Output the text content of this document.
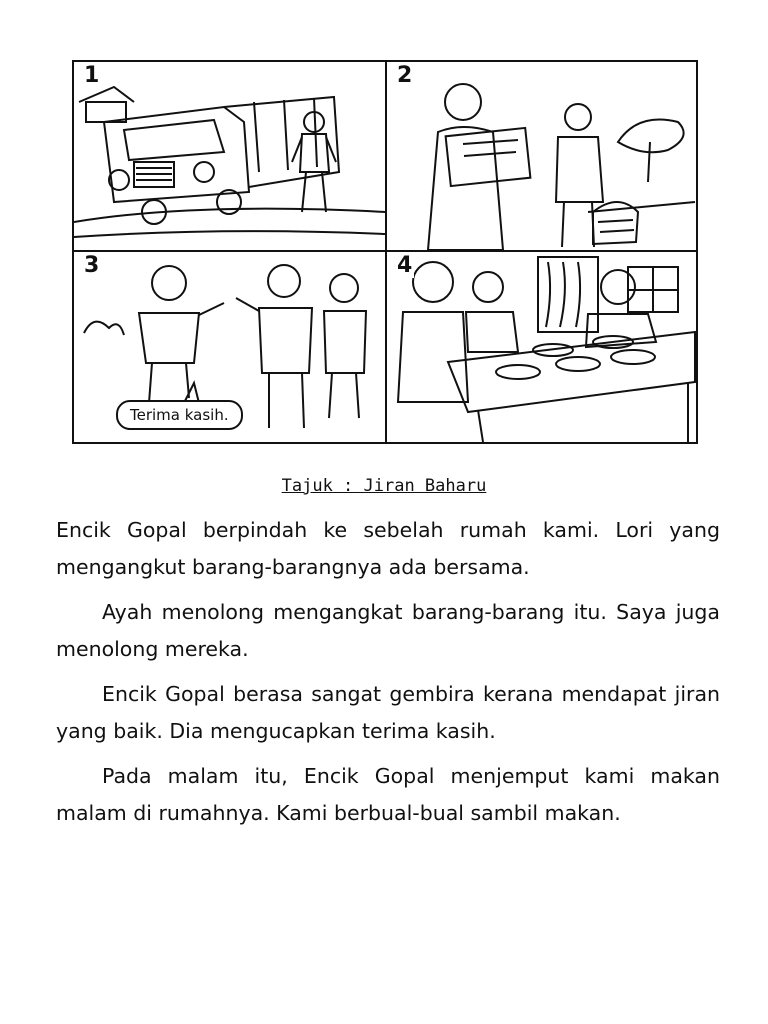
1	2
3
Terima kasih.
4
Tajuk : Jiran Baharu

Encik Gopal berpindah ke sebelah rumah kami. Lori yang mengangkut barang-barangnya ada bersama.

Ayah menolong mengangkat barang-barang itu. Saya juga menolong mereka.

Encik Gopal berasa sangat gembira kerana mendapat jiran yang baik. Dia mengucapkan terima kasih.

Pada malam itu, Encik Gopal menjemput kami makan malam di rumahnya. Kami berbual-bual sambil makan.
